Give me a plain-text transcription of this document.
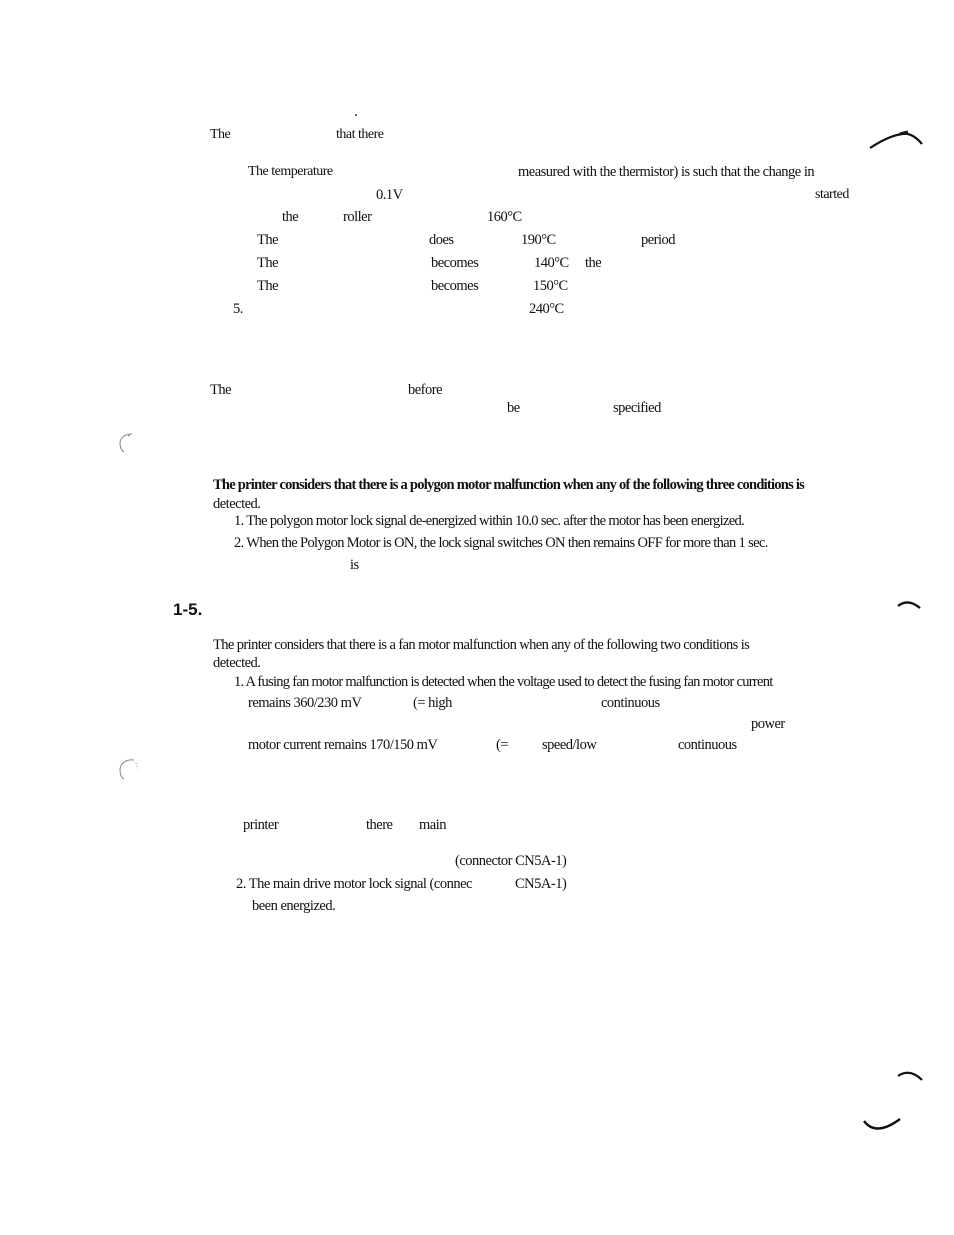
The	that there
The temperature	measured with the thermistor) is such that the change in
0.1V	started
the	roller	160°C
The	does	190°C	period
The	becomes	140°C the
The	becomes	150°C
5.	240°C
The	before
be	specified
The printer considers that there is a polygon motor malfunction when any of the following three conditions is
detected.
1. The polygon motor lock signal de-energized within 10.0 sec. after the motor has been energized.
2. When the Polygon Motor is ON, the lock signal switches ON then remains OFF for more than 1 sec.
is
1-5.
The printer considers that there is a fan motor malfunction when any of the following two conditions is
detected.
1. A fusing fan motor malfunction is detected when the voltage used to detect the fusing fan motor current
remains 360/230 mV	(= high	continuous
power
motor current remains 170/150 mV	(= speed/low	continuous
printer	there main
(connector CN5A-1)
2. The main drive motor lock signal (connec	CN5A-1)
been energized.
